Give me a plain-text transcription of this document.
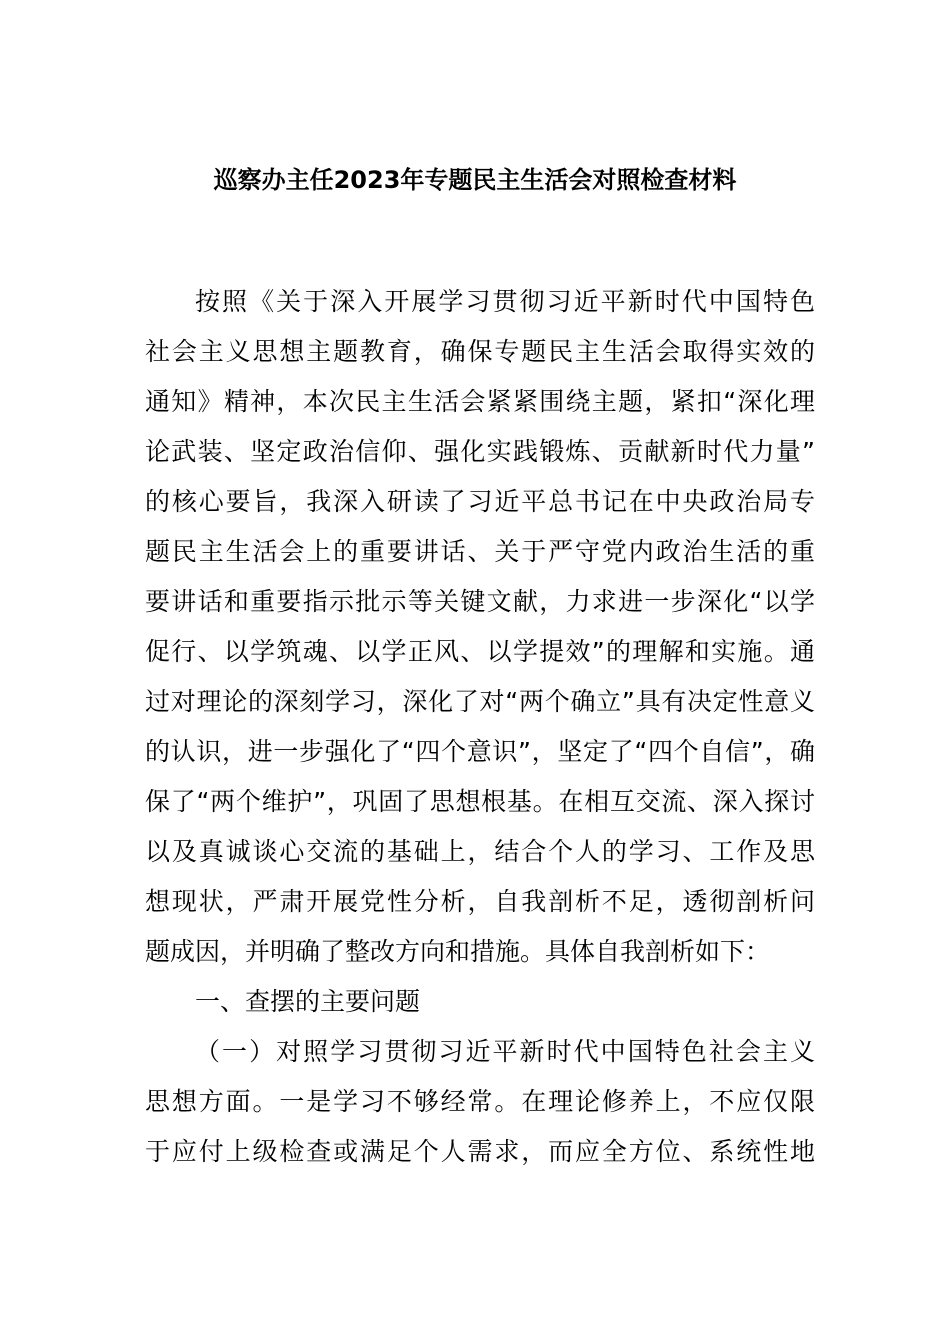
巡察办主任2023年专题民主生活会对照检查材料
按照《关于深入开展学习贯彻习近平新时代中国特色
社会主义思想主题教育，确保专题民主生活会取得实效的
通知》精神，本次民主生活会紧紧围绕主题，紧扣“深化理
论武装、坚定政治信仰、强化实践锻炼、贡献新时代力量”
的核心要旨，我深入研读了习近平总书记在中央政治局专
题民主生活会上的重要讲话、关于严守党内政治生活的重
要讲话和重要指示批示等关键文献，力求进一步深化“以学
促行、以学筑魂、以学正风、以学提效”的理解和实施。通
过对理论的深刻学习，深化了对“两个确立”具有决定性意义
的认识，进一步强化了“四个意识”，坚定了“四个自信”，确
保了“两个维护”，巩固了思想根基。在相互交流、深入探讨
以及真诚谈心交流的基础上，结合个人的学习、工作及思
想现状，严肃开展党性分析，自我剖析不足，透彻剖析问
题成因，并明确了整改方向和措施。具体自我剖析如下：
一、查摆的主要问题
（一）对照学习贯彻习近平新时代中国特色社会主义
思想方面。一是学习不够经常。在理论修养上，不应仅限
于应付上级检查或满足个人需求，而应全方位、系统性地
